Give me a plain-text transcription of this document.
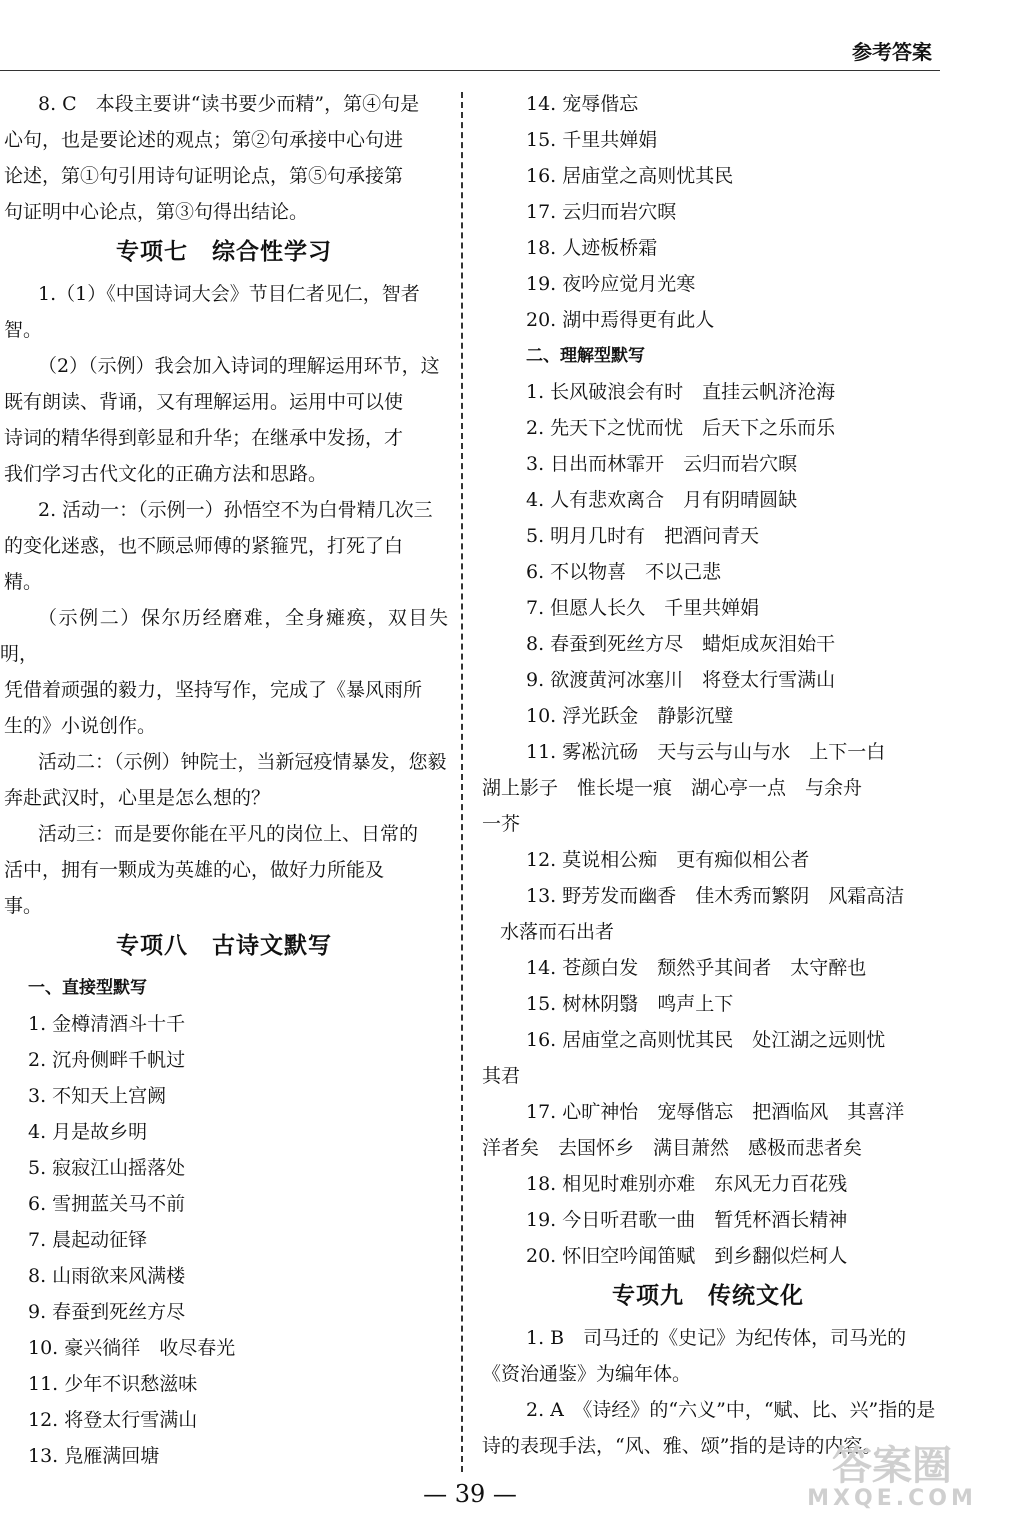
参考答案

8. C　本段主要讲“读书要少而精”，第④句是

心句，也是要论述的观点；第②句承接中心句进

论述，第①句引用诗句证明论点，第⑤句承接第

句证明中心论点，第③句得出结论。

专项七　综合性学习

1.（1）《中国诗词大会》节目仁者见仁，智者

智。

（2）（示例）我会加入诗词的理解运用环节，这

既有朗读、背诵，又有理解运用。运用中可以使

诗词的精华得到彰显和升华；在继承中发扬，才

我们学习古代文化的正确方法和思路。

2. 活动一：（示例一）孙悟空不为白骨精几次三

的变化迷惑，也不顾忌师傅的紧箍咒，打死了白

精。

（示例二）保尔历经磨难，全身瘫痪，双目失明，

凭借着顽强的毅力，坚持写作，完成了《暴风雨所

生的》小说创作。

活动二：（示例）钟院士，当新冠疫情暴发，您毅

奔赴武汉时，心里是怎么想的？

活动三：而是要你能在平凡的岗位上、日常的

活中，拥有一颗成为英雄的心，做好力所能及

事。

专项八　古诗文默写
一、直接型默写

1. 金樽清酒斗十千

2. 沉舟侧畔千帆过

3. 不知天上宫阙

4. 月是故乡明

5. 寂寂江山摇落处

6. 雪拥蓝关马不前

7. 晨起动征铎

8. 山雨欲来风满楼

9. 春蚕到死丝方尽

10. 豪兴徜徉　收尽春光

11. 少年不识愁滋味

12. 将登太行雪满山

13. 凫雁满回塘

14. 宠辱偕忘

15. 千里共婵娟

16. 居庙堂之高则忧其民

17. 云归而岩穴暝

18. 人迹板桥霜

19. 夜吟应觉月光寒

20. 湖中焉得更有此人

二、理解型默写

1. 长风破浪会有时　直挂云帆济沧海

2. 先天下之忧而忧　后天下之乐而乐

3. 日出而林霏开　云归而岩穴暝

4. 人有悲欢离合　月有阴晴圆缺

5. 明月几时有　把酒问青天

6. 不以物喜　不以己悲

7. 但愿人长久　千里共婵娟

8. 春蚕到死丝方尽　蜡炬成灰泪始干

9. 欲渡黄河冰塞川　将登太行雪满山

10. 浮光跃金　静影沉璧

11. 雾凇沆砀　天与云与山与水　上下一白

湖上影子　惟长堤一痕　湖心亭一点　与余舟

一芥

12. 莫说相公痴　更有痴似相公者

13. 野芳发而幽香　佳木秀而繁阴　风霜高洁

水落而石出者

14. 苍颜白发　颓然乎其间者　太守醉也

15. 树林阴翳　鸣声上下

16. 居庙堂之高则忧其民　处江湖之远则忧

其君

17. 心旷神怡　宠辱偕忘　把酒临风　其喜洋

洋者矣　去国怀乡　满目萧然　感极而悲者矣

18. 相见时难别亦难　东风无力百花残

19. 今日听君歌一曲　暂凭杯酒长精神

20. 怀旧空吟闻笛赋　到乡翻似烂柯人

专项九　传统文化

1. B　司马迁的《史记》为纪传体，司马光的

《资治通鉴》为编年体。

2. A　《诗经》的“六义”中，“赋、比、兴”指的是

诗的表现手法，“风、雅、颂”指的是诗的内容。

— 39 —
答案圈
MXQE.COM
